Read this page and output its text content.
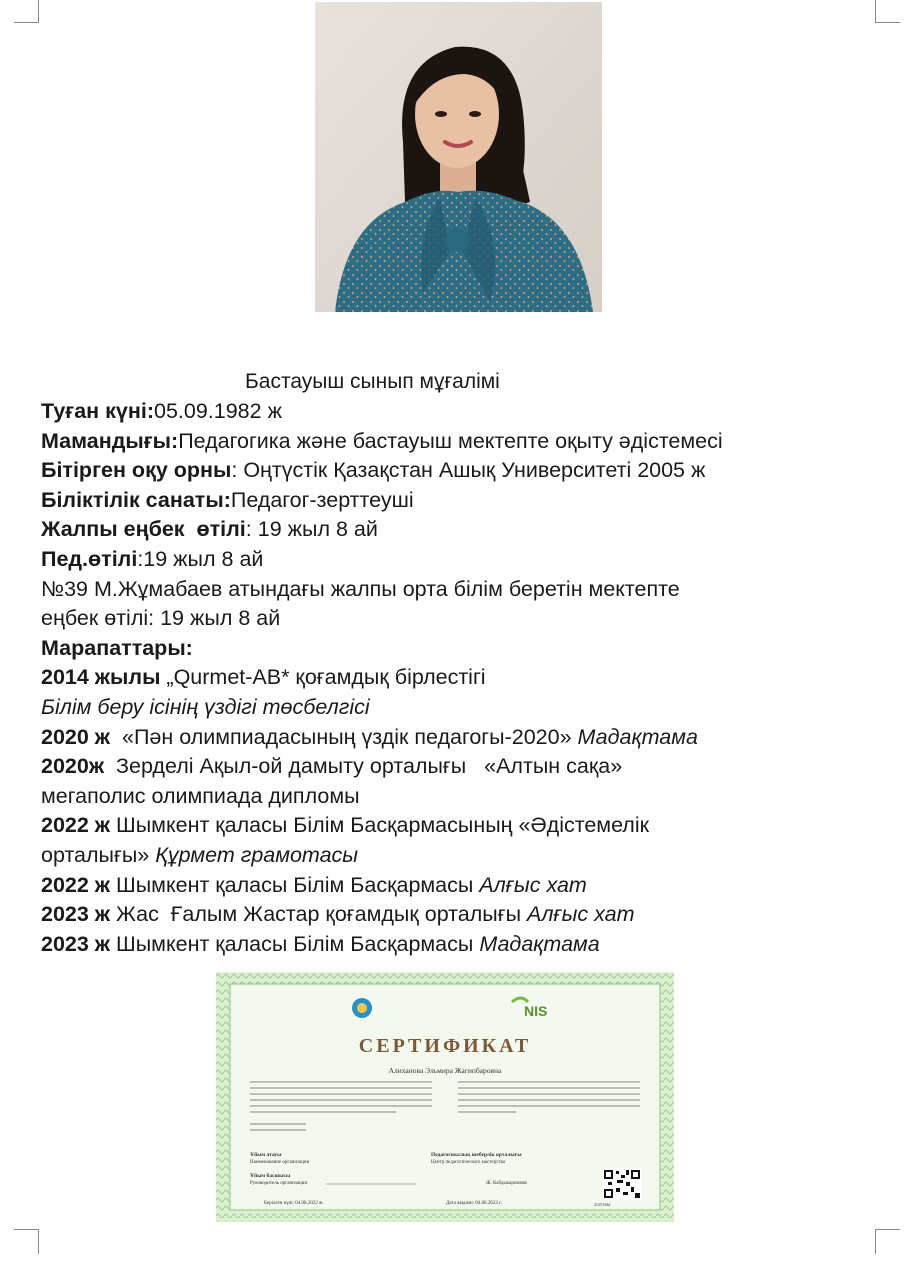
Бастауыш сынып мұғалімі
Туған күні:05.09.1982 ж
Мамандығы:Педагогика және бастауыш мектепте оқыту әдістемесі
Бітірген оқу орны: Оңтүстік Қазақстан Ашық Университеті 2005 ж
Біліктілік санаты:Педагог-зерттеуші
Жалпы еңбек  өтілі: 19 жыл 8 ай
Пед.өтілі:19 жыл 8 ай
№39 М.Жұмабаев атындағы жалпы орта білім беретін мектепте
еңбек өтілі: 19 жыл 8 ай
Марапаттары:
2014 жылы „Qurmet-AB* қоғамдық бірлестігі
Білім беру ісінің үздігі төсбелгісі
2020 ж  «Пән олимпиадасының үздік педагогы-2020» Мадақтама
2020ж  Зерделі Ақыл-ой дамыту орталығы   «Алтын сақа»
мегаполис олимпиада дипломы
2022 ж Шымкент қаласы Білім Басқармасының «Әдістемелік
орталығы» Құрмет грамотасы
2022 ж Шымкент қаласы Білім Басқармасы Алғыс хат
2023 ж Жас  Ғалым Жастар қоғамдық орталығы Алғыс хат
2023 ж Шымкент қаласы Білім Басқармасы Мадақтама
NIS
СЕРТИФИКАТ
Алиханова Эльмира Жагипбаровна
Ұйым атауы
Наименование организации
Ұйым басшысы
Руководитель организации
Педагогикалық шеберлік орталығы
Центр педагогического мастерства
Ж. Кабдыкаримова
Берілген күні: 04.08.2022 ж.	Дата выдачи: 04.08.2022 г.	2f2516kf
